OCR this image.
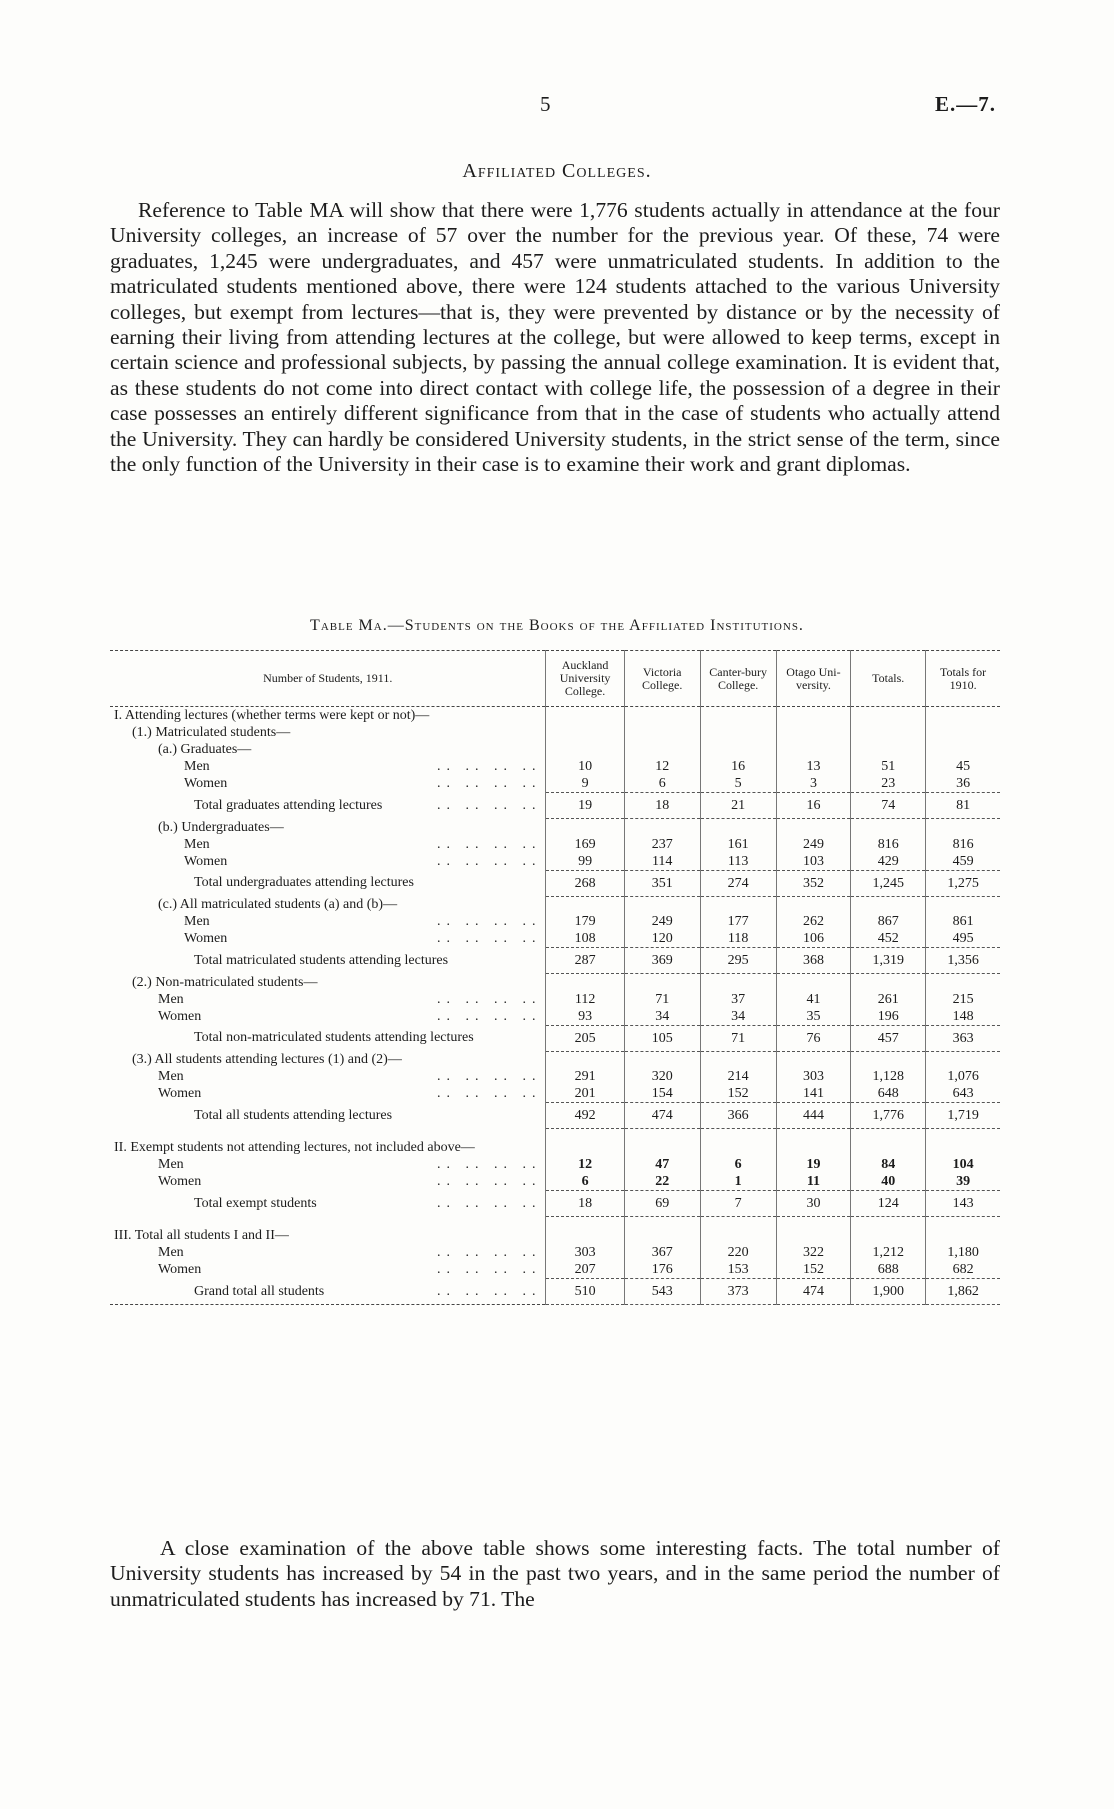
5	E.—7.
Affiliated Colleges.

Reference to Table MA will show that there were 1,776 students actually in attendance at the four University colleges, an increase of 57 over the number for the previous year. Of these, 74 were graduates, 1,245 were undergraduates, and 457 were unmatriculated students. In addition to the matriculated students mentioned above, there were 124 students attached to the various University colleges, but exempt from lectures—that is, they were prevented by distance or by the necessity of earning their living from attending lectures at the college, but were allowed to keep terms, except in certain science and professional subjects, by passing the annual college examination. It is evident that, as these students do not come into direct contact with college life, the possession of a degree in their case possesses an entirely different significance from that in the case of students who actually attend the University. They can hardly be considered University students, in the strict sense of the term, since the only function of the University in their case is to examine their work and grant diplomas.

Table Ma.—Students on the Books of the Affiliated Institutions.
Number of Students, 1911.	Auckland University College.	Victoria College.	Canter-bury College.	Otago Uni-versity.	Totals.	Totals for 1910.
I. Attending lectures (whether terms were kept or not)—						
(1.) Matriculated students—						
(a.) Graduates—						
Men .. .. .. ..	10	12	16	13	51	45
Women .. .. .. ..	9	6	5	3	23	36
Total graduates attending lectures .. .. .. ..	19	18	21	16	74	81
(b.) Undergraduates—						
Men .. .. .. ..	169	237	161	249	816	816
Women .. .. .. ..	99	114	113	103	429	459
Total undergraduates attending lectures	268	351	274	352	1,245	1,275
(c.) All matriculated students (a) and (b)—						
Men .. .. .. ..	179	249	177	262	867	861
Women .. .. .. ..	108	120	118	106	452	495
Total matriculated students attending lectures	287	369	295	368	1,319	1,356
(2.) Non-matriculated students—						
Men .. .. .. ..	112	71	37	41	261	215
Women .. .. .. ..	93	34	34	35	196	148
Total non-matriculated students attending lectures	205	105	71	76	457	363
(3.) All students attending lectures (1) and (2)—						
Men .. .. .. ..	291	320	214	303	1,128	1,076
Women .. .. .. ..	201	154	152	141	648	643
Total all students attending lectures	492	474	366	444	1,776	1,719

II. Exempt students not attending lectures, not included above—						
Men .. .. .. ..	12	47	6	19	84	104
Women .. .. .. ..	6	22	1	11	40	39
Total exempt students .. .. .. ..	18	69	7	30	124	143

III. Total all students I and II—						
Men .. .. .. ..	303	367	220	322	1,212	1,180
Women .. .. .. ..	207	176	153	152	688	682
Grand total all students .. .. .. ..	510	543	373	474	1,900	1,862

A close examination of the above table shows some interesting facts. The total number of University students has increased by 54 in the past two years, and in the same period the number of unmatriculated students has increased by 71. The
